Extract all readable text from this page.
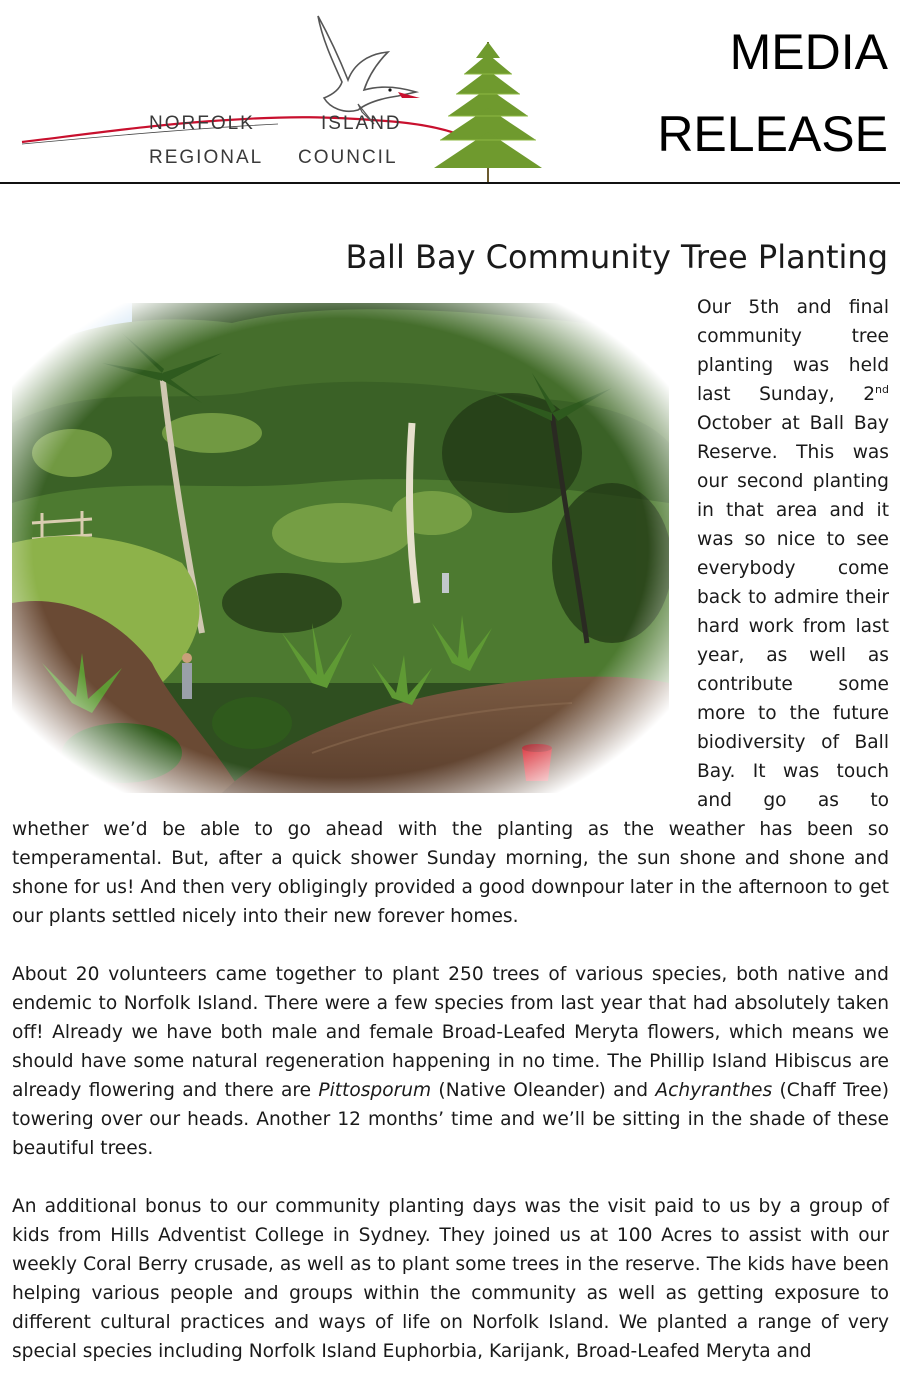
NORFOLK	ISLAND
REGIONAL COUNCIL
MEDIA
RELEASE
Ball Bay Community Tree Planting

Our 5th and final community tree planting was held last Sunday, 2nd October at Ball Bay Reserve. This was our second planting in that area and it was so nice to see everybody come back to admire their hard work from last year, as well as contribute some more to the future biodiversity of Ball Bay. It was touch and go as to whether we’d be able to go ahead with the planting as the weather has been so temperamental. But, after a quick shower Sunday morning, the sun shone and shone and shone for us! And then very obligingly provided a good downpour later in the afternoon to get our plants settled nicely into their new forever homes.

About 20 volunteers came together to plant 250 trees of various species, both native and endemic to Norfolk Island. There were a few species from last year that had absolutely taken off! Already we have both male and female Broad-Leafed Meryta flowers, which means we should have some natural regeneration happening in no time. The Phillip Island Hibiscus are already flowering and there are Pittosporum (Native Oleander) and Achyranthes (Chaff Tree) towering over our heads. Another 12 months’ time and we’ll be sitting in the shade of these beautiful trees.

An additional bonus to our community planting days was the visit paid to us by a group of kids from Hills Adventist College in Sydney. They joined us at 100 Acres to assist with our weekly Coral Berry crusade, as well as to plant some trees in the reserve. The kids have been helping various people and groups within the community as well as getting exposure to different cultural practices and ways of life on Norfolk Island. We planted a range of very special species including Norfolk Island Euphorbia, Karijank, Broad-Leafed Meryta and
